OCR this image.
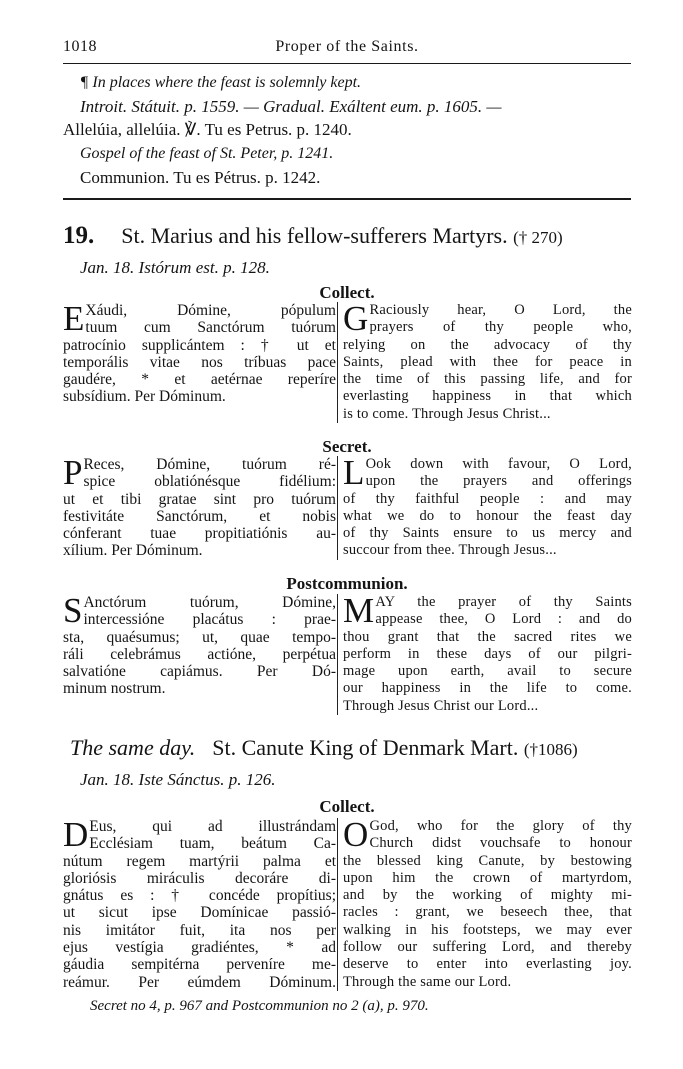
1018	Proper of the Saints.
¶ In places where the feast is solemnly kept.
Introit. Státuit. p. 1559. — Gradual. Exáltent eum. p. 1605. —
Allelúia, allelúia. ℣. Tu es Petrus. p. 1240.
Gospel of the feast of St. Peter, p. 1241.
Communion. Tu es Pétrus. p. 1242.
19. St. Marius and his fellow-sufferers Martyrs. († 270)
Jan. 18. Istórum est. p. 128.
Collect.
E Xáudi, Dómine, pópulum
tuum cum Sanctórum tuórum
patrocínio supplicántem : † ut et
temporális vitae nos tríbuas pace
gaudére, * et aetérnae reperíre
subsídium. Per Dóminum.
G Raciously hear, O Lord, the
prayers of thy people who,
relying on the advocacy of thy
Saints, plead with thee for peace in
the time of this passing life, and for
everlasting happiness in that which
is to come. Through Jesus Christ...
Secret.
P Reces, Dómine, tuórum ré-
spice oblatiónésque fidélium:
ut et tibi gratae sint pro tuórum
festivitáte Sanctórum, et nobis
cónferant tuae propitiatiónis au-
xílium. Per Dóminum.
L Ook down with favour, O Lord,
upon the prayers and offerings
of thy faithful people : and may
what we do to honour the feast day
of thy Saints ensure to us mercy and
succour from thee. Through Jesus...
Postcommunion.
S Anctórum tuórum, Dómine,
intercessióne placátus : prae-
sta, quaésumus; ut, quae tempo-
ráli celebrámus actióne, perpétua
salvatióne capiámus. Per Dó-
minum nostrum.
M AY the prayer of thy Saints
appease thee, O Lord : and do
thou grant that the sacred rites we
perform in these days of our pilgri-
mage upon earth, avail to secure
our happiness in the life to come.
Through Jesus Christ our Lord...
The same day. St. Canute King of Denmark Mart. (†1086)
Jan. 18. Iste Sánctus. p. 126.
Collect.
D Eus, qui ad illustrándam
Ecclésiam tuam, beátum Ca-
nútum regem martýrii palma et
gloriósis miráculis decoráre di-
gnátus es : † concéde propítius;
ut sicut ipse Domínicae passió-
nis imitátor fuit, ita nos per
ejus vestígia gradiéntes, * ad
gáudia sempitérna perveníre me-
reámur. Per eúmdem Dóminum.
O God, who for the glory of thy
Church didst vouchsafe to honour
the blessed king Canute, by bestowing
upon him the crown of martyrdom,
and by the working of mighty mi-
racles : grant, we beseech thee, that
walking in his footsteps, we may ever
follow our suffering Lord, and thereby
deserve to enter into everlasting joy.
Through the same our Lord.
Secret no 4, p. 967 and Postcommunion no 2 (a), p. 970.
